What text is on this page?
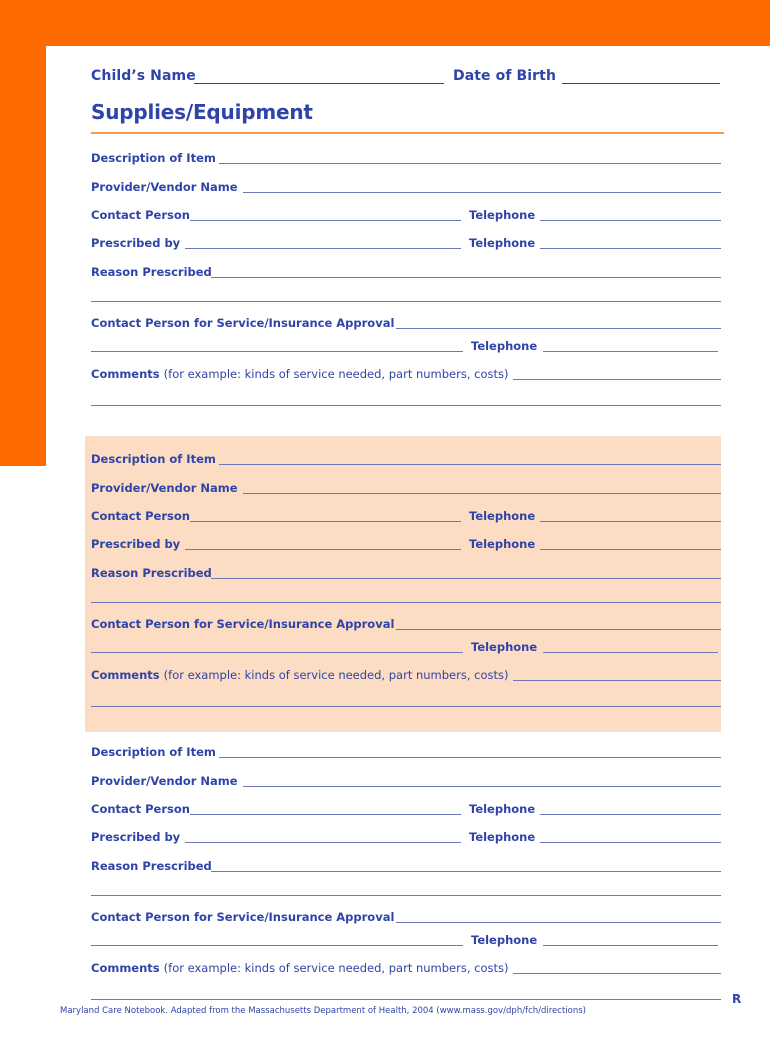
Child’s Name	Date of Birth
Supplies/Equipment
Description of Item
Provider/Vendor Name
Contact Person	Telephone
Prescribed by	Telephone
Reason Prescribed
Contact Person for Service/Insurance Approval
Telephone
Comments (for example: kinds of service needed, part numbers, costs)
Description of Item
Provider/Vendor Name
Contact Person	Telephone
Prescribed by	Telephone
Reason Prescribed
Contact Person for Service/Insurance Approval
Telephone
Comments (for example: kinds of service needed, part numbers, costs)
Description of Item
Provider/Vendor Name
Contact Person	Telephone
Prescribed by	Telephone
Reason Prescribed
Contact Person for Service/Insurance Approval
Telephone
Comments (for example: kinds of service needed, part numbers, costs)
Maryland Care Notebook. Adapted from the Massachusetts Department of Health, 2004 (www.mass.gov/dph/fch/directions)
R
